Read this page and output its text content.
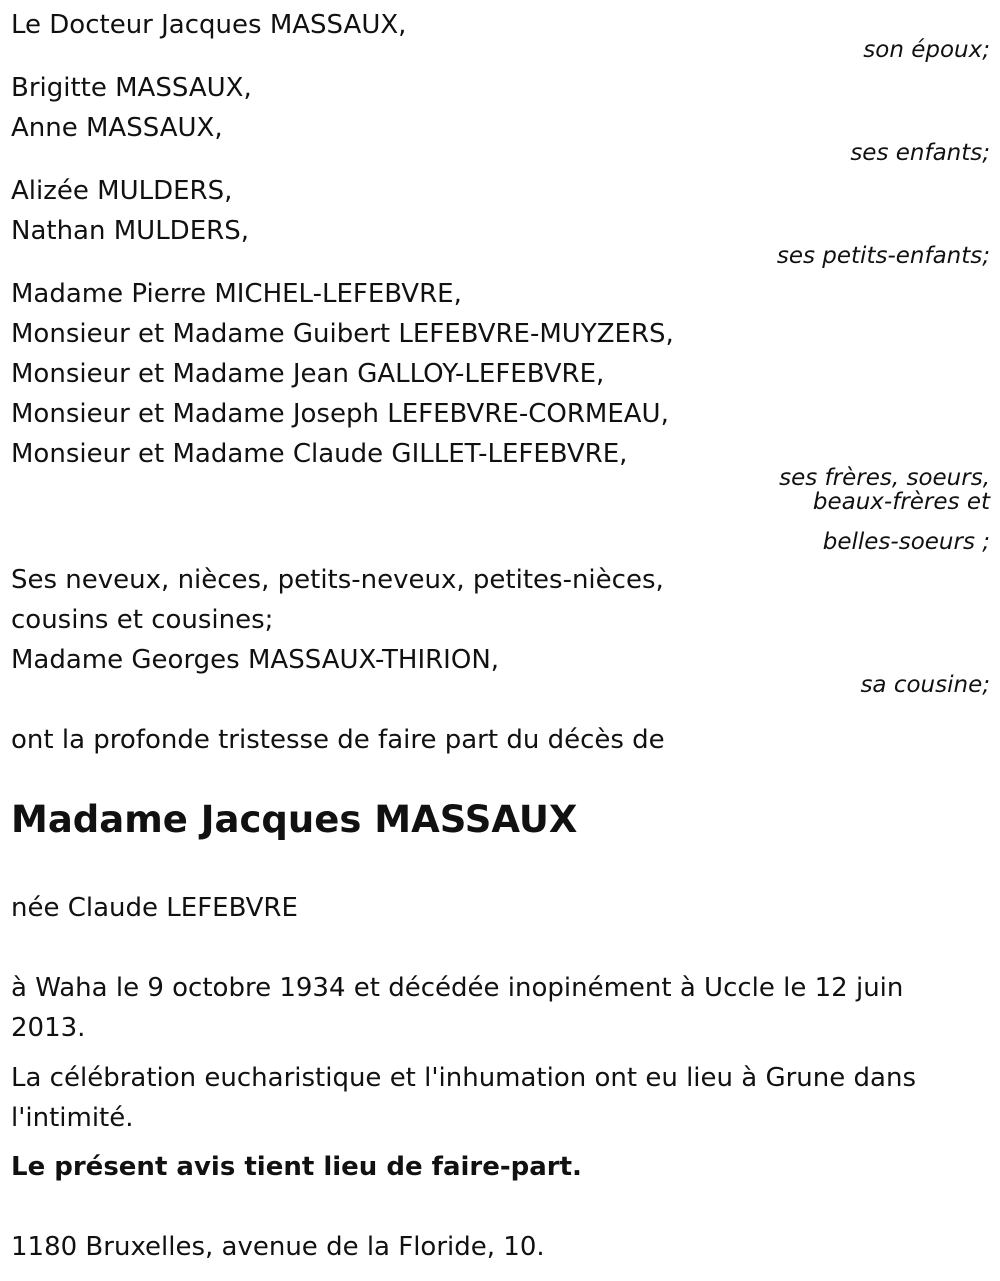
Le Docteur Jacques MASSAUX,

son époux;

Brigitte MASSAUX,

Anne MASSAUX,

ses enfants;

Alizée MULDERS,

Nathan MULDERS,

ses petits-enfants;

Madame Pierre MICHEL-LEFEBVRE,

Monsieur et Madame Guibert LEFEBVRE-MUYZERS,

Monsieur et Madame Jean GALLOY-LEFEBVRE,

Monsieur et Madame Joseph LEFEBVRE-CORMEAU,

Monsieur et Madame Claude GILLET-LEFEBVRE,

ses frères, soeurs,

beaux-frères et

belles-soeurs ;

Ses neveux, nièces, petits-neveux, petites-nièces,

cousins et cousines;

Madame Georges MASSAUX-THIRION,

sa cousine;

ont la profonde tristesse de faire part du décès de

Madame Jacques MASSAUX

née Claude LEFEBVRE

à Waha le 9 octobre 1934 et décédée inopinément à Uccle le 12 juin 2013.

La célébration eucharistique et l'inhumation ont eu lieu à Grune dans l'intimité.

Le présent avis tient lieu de faire-part.

1180 Bruxelles, avenue de la Floride, 10.
